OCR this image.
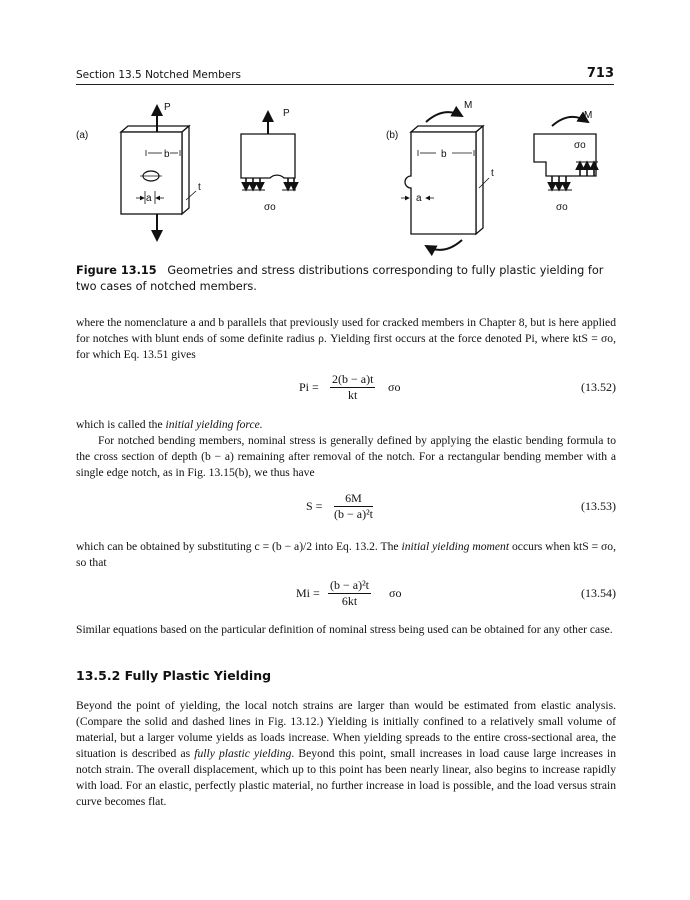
Section 13.5 Notched Members	713
(a)
P
b
a
t
P
σo
(b)
M
b
a
t
M
σo
σo
Figure 13.15 Geometries and stress distributions corresponding to fully plastic yielding for two cases of notched members.

where the nomenclature a and b parallels that previously used for cracked members in Chapter 8, but is here applied for notches with blunt ends of some definite radius ρ. Yielding first occurs at the force denoted Pi, where ktS = σo, for which Eq. 13.51 gives

$Pi = \frac{2(b - a)t}{kt}$ σo	(13.52)

which is called the initial yielding force.

For notched bending members, nominal stress is generally defined by applying the elastic bending formula to the cross section of depth (b − a) remaining after removal of the notch. For a rectangular bending member with a single edge notch, as in Fig. 13.15(b), we thus have

$S = \frac{6M}{\text{(b − a)²t}}$	(13.53)

which can be obtained by substituting c = (b − a)/2 into Eq. 13.2. The initial yielding moment occurs when ktS = σo, so that

$Mi = \frac{\text{(b − a)²t}}{6kt}$ σo	(13.54)

Similar equations based on the particular definition of nominal stress being used can be obtained for any other case.

13.5.2 Fully Plastic Yielding

Beyond the point of yielding, the local notch strains are larger than would be estimated from elastic analysis. (Compare the solid and dashed lines in Fig. 13.12.) Yielding is initially confined to a relatively small volume of material, but a larger volume yields as loads increase. When yielding spreads to the entire cross-sectional area, the situation is described as fully plastic yielding. Beyond this point, small increases in load cause large increases in notch strain. The overall displacement, which up to this point has been nearly linear, also begins to increase rapidly with load. For an elastic, perfectly plastic material, no further increase in load is possible, and the load versus strain curve becomes flat.
